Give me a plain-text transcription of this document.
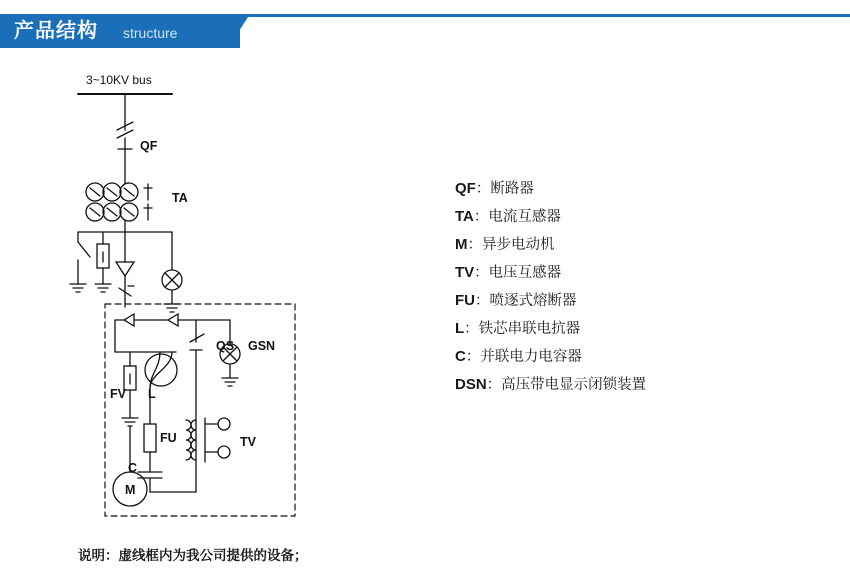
产品结构 structure
3~10KV bus
QF
TA
QS GSN
FV L
FU	TV
C
M
QF：断路器
TA：电流互感器
M：异步电动机
TV：电压互感器
FU：喷逐式熔断器
L：铁芯串联电抗器
C：并联电力电容器
DSN：高压带电显示闭锁装置
说明：虚线框内为我公司提供的设备；
